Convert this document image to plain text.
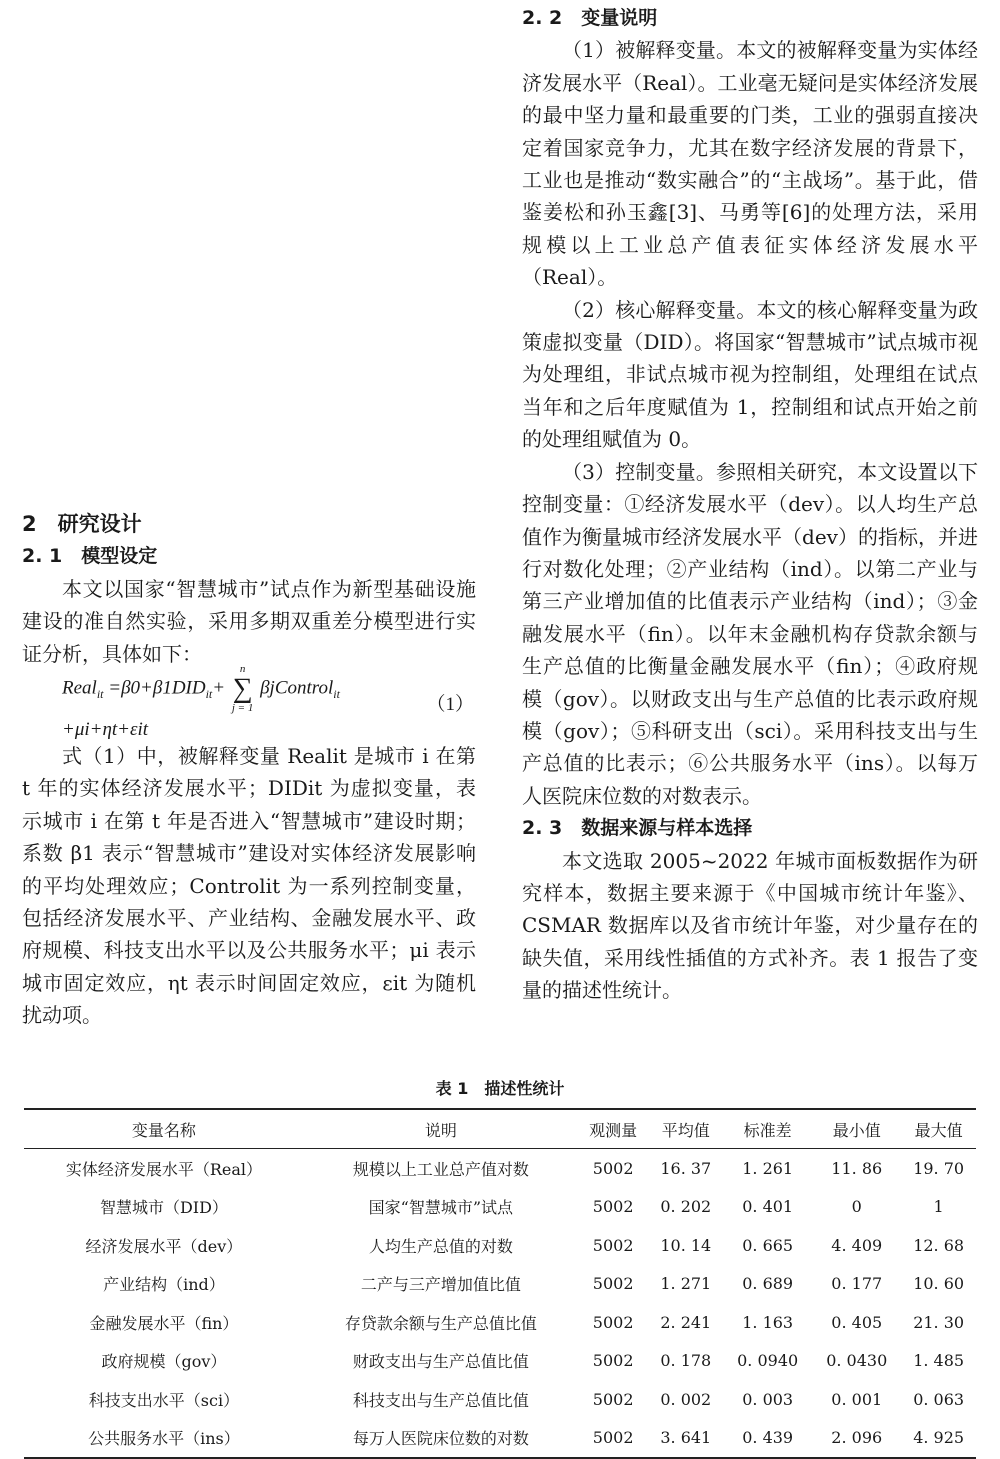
2. 2　变量说明

（1）被解释变量。本文的被解释变量为实体经济发展水平（Real）。工业毫无疑问是实体经济发展的最中坚力量和最重要的门类，工业的强弱直接决定着国家竞争力，尤其在数字经济发展的背景下，工业也是推动“数实融合”的“主战场”。基于此，借鉴姜松和孙玉鑫[3]、马勇等[6]的处理方法，采用规模以上工业总产值表征实体经济发展水平（Real）。

（2）核心解释变量。本文的核心解释变量为政策虚拟变量（DID）。将国家“智慧城市”试点城市视为处理组，非试点城市视为控制组，处理组在试点当年和之后年度赋值为 1，控制组和试点开始之前的处理组赋值为 0。

（3）控制变量。参照相关研究，本文设置以下控制变量：①经济发展水平（dev）。以人均生产总值作为衡量城市经济发展水平（dev）的指标，并进行对数化处理；②产业结构（ind）。以第二产业与第三产业增加值的比值表示产业结构（ind）；③金融发展水平（fin）。以年末金融机构存贷款余额与生产总值的比衡量金融发展水平（fin）；④政府规模（gov）。以财政支出与生产总值的比表示政府规模（gov）；⑤科研支出（sci）。采用科技支出与生产总值的比表示；⑥公共服务水平（ins）。以每万人医院床位数的对数表示。

2. 3　数据来源与样本选择

本文选取 2005~2022 年城市面板数据作为研究样本，数据主要来源于《中国城市统计年鉴》、CSMAR 数据库以及省市统计年鉴，对少量存在的缺失值，采用线性插值的方式补齐。表 1 报告了变量的描述性统计。

2　研究设计
2. 1　模型设定

本文以国家“智慧城市”试点作为新型基础设施建设的准自然实验，采用多期双重差分模型进行实证分析，具体如下：

Real$_{it}$ $=\beta 0+\beta 1DID_{it}+$
n
∑
j = 1
βjControl$_{it}$ +μi+ηt+εit
（1）

式（1）中，被解释变量 Realit 是城市 i 在第 t 年的实体经济发展水平；DIDit 为虚拟变量，表示城市 i 在第 t 年是否进入“智慧城市”建设时期；系数 β1 表示“智慧城市”建设对实体经济发展影响的平均处理效应；Controlit 为一系列控制变量，包括经济发展水平、产业结构、金融发展水平、政府规模、科技支出水平以及公共服务水平；μi 表示城市固定效应，ηt 表示时间固定效应，εit 为随机扰动项。

表 1　描述性统计
变量名称	说明	观测量	平均值	标准差	最小值	最大值
实体经济发展水平（Real）	规模以上工业总产值对数	5002	16. 37	1. 261	11. 86	19. 70
智慧城市（DID）	国家“智慧城市”试点	5002	0. 202	0. 401	0	1
经济发展水平（dev）	人均生产总值的对数	5002	10. 14	0. 665	4. 409	12. 68
产业结构（ind）	二产与三产增加值比值	5002	1. 271	0. 689	0. 177	10. 60
金融发展水平（fin）	存贷款余额与生产总值比值	5002	2. 241	1. 163	0. 405	21. 30
政府规模（gov）	财政支出与生产总值比值	5002	0. 178	0. 0940	0. 0430	1. 485
科技支出水平（sci）	科技支出与生产总值比值	5002	0. 002	0. 003	0. 001	0. 063
公共服务水平（ins）	每万人医院床位数的对数	5002	3. 641	0. 439	2. 096	4. 925
